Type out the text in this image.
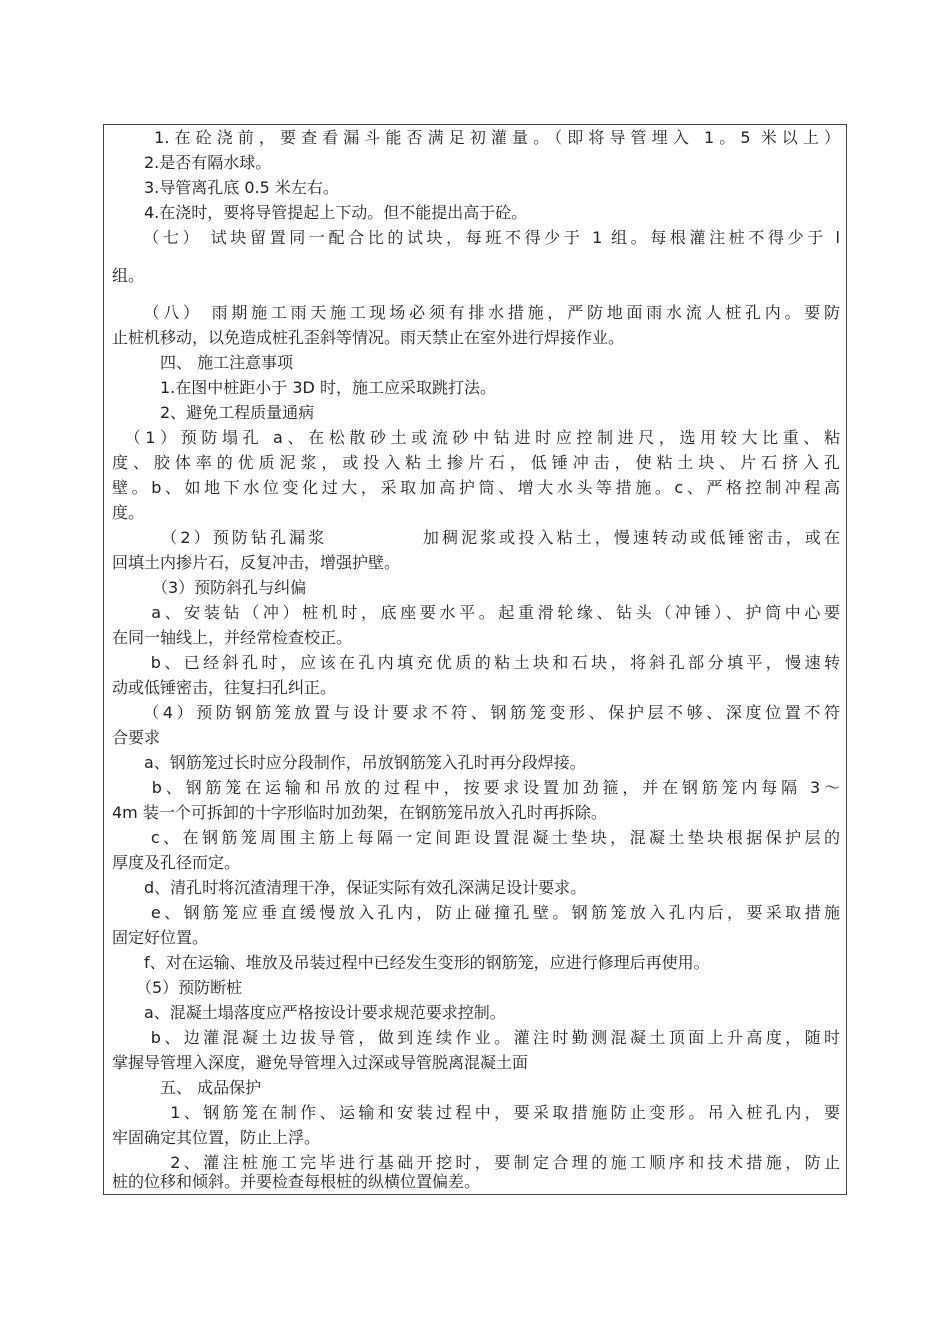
　　1.在砼浇前，要查看漏斗能否满足初灌量。（即将导管埋入 1。5 米以上）
　　2.是否有隔水球。
　　3.导管离孔底 0.5 米左右。
　　4.在浇时，要将导管提起上下动。但不能提出高于砼。
　　（七） 试块留置同一配合比的试块，每班不得少于 1 组。每根灌注桩不得少于 l
组。
　　（八） 雨期施工雨天施工现场必须有排水措施，严防地面雨水流人桩孔内。要防
止桩机移动，以免造成桩孔歪斜等情况。雨天禁止在室外进行焊接作业。
　　　四、 施工注意事项
　　　1.在图中桩距小于 3D 时，施工应采取跳打法。
　　　2、避免工程质量通病
　（1）预防塌孔 a、在松散砂土或流砂中钻进时应控制进尺，选用较大比重、粘
度、胶体率的优质泥浆，或投入粘土掺片石，低锤冲击，使粘土块、片石挤入孔
壁。b、如地下水位变化过大，采取加高护筒、增大水头等措施。c、严格控制冲程高
度。
　　　（2）预防钻孔漏浆　　　　　加稠泥浆或投入粘土，慢速转动或低锤密击，或在
回填土内掺片石，反复冲击，增强护壁。
　　　（3）预防斜孔与纠偏
　　a、安装钻（冲）桩机时，底座要水平。起重滑轮缘、钻头（冲锤）、护筒中心要
在同一轴线上，并经常检查校正。
　　b、已经斜孔时，应该在孔内填充优质的粘土块和石块，将斜孔部分填平，慢速转
动或低锤密击，往复扫孔纠正。
　　（4）预防钢筋笼放置与设计要求不符、钢筋笼变形、保护层不够、深度位置不符
合要求
　　a、钢筋笼过长时应分段制作，吊放钢筋笼入孔时再分段焊接。
　　b、钢筋笼在运输和吊放的过程中，按要求设置加劲箍，并在钢筋笼内每隔 3～
4m 装一个可拆卸的十字形临时加劲架，在钢筋笼吊放入孔时再拆除。
　　c、在钢筋笼周围主筋上每隔一定间距设置混凝土垫块，混凝土垫块根据保护层的
厚度及孔径而定。
　　d、清孔时将沉渣清理干净，保证实际有效孔深满足设计要求。
　　e、钢筋笼应垂直缓慢放入孔内，防止碰撞孔壁。钢筋笼放入孔内后，要采取措施
固定好位置。
　　f、对在运输、堆放及吊装过程中已经发生变形的钢筋笼，应进行修理后再使用。
　　（5）预防断桩
　　a、混凝土塌落度应严格按设计要求规范要求控制。
　　b、边灌混凝土边拔导管，做到连续作业。灌注时勤测混凝土顶面上升高度，随时
掌握导管埋入深度，避免导管埋入过深或导管脱离混凝土面
　　　五、 成品保护
　　　1、钢筋笼在制作、运输和安装过程中，要采取措施防止变形。吊入桩孔内，要
牢固确定其位置，防止上浮。
　　　2、灌注桩施工完毕进行基础开挖时，要制定合理的施工顺序和技术措施，防止
桩的位移和倾斜。并要检查每根桩的纵横位置偏差。
